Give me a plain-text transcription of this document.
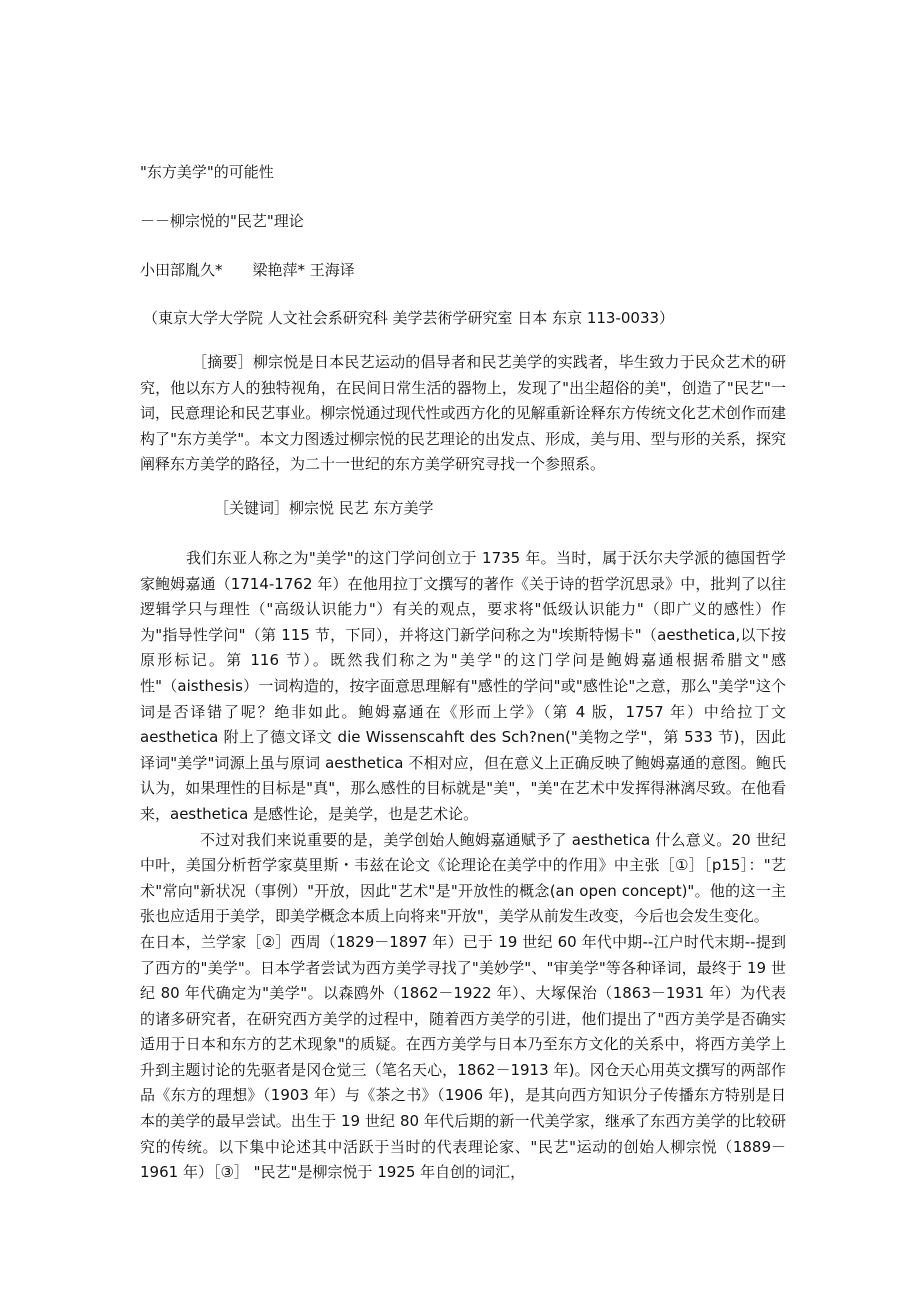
"东方美学"的可能性
－－柳宗悦的"民艺"理论
小田部胤久*　　梁艳萍* 王海译
（東京大学大学院 人文社会系研究科 美学芸術学研究室 日本 东京 113-0033）

［摘要］柳宗悦是日本民艺运动的倡导者和民艺美学的实践者，毕生致力于民众艺术的研究，他以东方人的独特视角，在民间日常生活的器物上，发现了"出尘超俗的美"，创造了"民艺"一词，民意理论和民艺事业。柳宗悦通过现代性或西方化的见解重新诠释东方传统文化艺术创作而建构了"东方美学"。本文力图透过柳宗悦的民艺理论的出发点、形成，美与用、型与形的关系，探究阐释东方美学的路径，为二十一世纪的东方美学研究寻找一个参照系。

［关键词］柳宗悦 民艺 东方美学

我们东亚人称之为"美学"的这门学问创立于 1735 年。当时，属于沃尔夫学派的德国哲学家鲍姆嘉通（1714-1762 年）在他用拉丁文撰写的著作《关于诗的哲学沉思录》中，批判了以往逻辑学只与理性（"高级认识能力"）有关的观点，要求将"低级认识能力"（即广义的感性）作为"指导性学问"（第 115 节，下同），并将这门新学问称之为"埃斯特惕卡"（aesthetica,以下按原形标记。第 116 节）。既然我们称之为"美学"的这门学问是鲍姆嘉通根据希腊文"感性"（aisthesis）一词构造的，按字面意思理解有"感性的学问"或"感性论"之意，那么"美学"这个词是否译错了呢？绝非如此。鲍姆嘉通在《形而上学》（第 4 版，1757 年）中给拉丁文 aesthetica 附上了德文译文 die Wissenscahft des Sch?nen("美物之学"，第 533 节)，因此译词"美学"词源上虽与原词 aesthetica 不相对应，但在意义上正确反映了鲍姆嘉通的意图。鲍氏认为，如果理性的目标是"真"，那么感性的目标就是"美"，"美"在艺术中发挥得淋漓尽致。在他看来，aesthetica 是感性论，是美学，也是艺术论。

不过对我们来说重要的是，美学创始人鲍姆嘉通赋予了 aesthetica 什么意义。20 世纪中叶，美国分析哲学家莫里斯・韦兹在论文《论理论在美学中的作用》中主张［①］［p15］："艺术"常向"新状况（事例）"开放，因此"艺术"是"开放性的概念(an open concept)"。他的这一主张也应适用于美学，即美学概念本质上向将来"开放"，美学从前发生改变，今后也会发生变化。

在日本，兰学家［②］西周（1829－1897 年）已于 19 世纪 60 年代中期--江户时代末期--提到了西方的"美学"。日本学者尝试为西方美学寻找了"美妙学"、"审美学"等各种译词，最终于 19 世纪 80 年代确定为"美学"。以森鸥外（1862－1922 年）、大塚保治（1863－1931 年）为代表的诸多研究者，在研究西方美学的过程中，随着西方美学的引进，他们提出了"西方美学是否确实适用于日本和东方的艺术现象"的质疑。在西方美学与日本乃至东方文化的关系中，将西方美学上升到主题讨论的先驱者是冈仓觉三（笔名天心，1862－1913 年)。冈仓天心用英文撰写的两部作品《东方的理想》（1903 年）与《茶之书》（1906 年)，是其向西方知识分子传播东方特别是日本的美学的最早尝试。出生于 19 世纪 80 年代后期的新一代美学家，继承了东西方美学的比较研究的传统。以下集中论述其中活跃于当时的代表理论家、"民艺"运动的创始人柳宗悦（1889－1961 年）［③］ "民艺"是柳宗悦于 1925 年自创的词汇，
